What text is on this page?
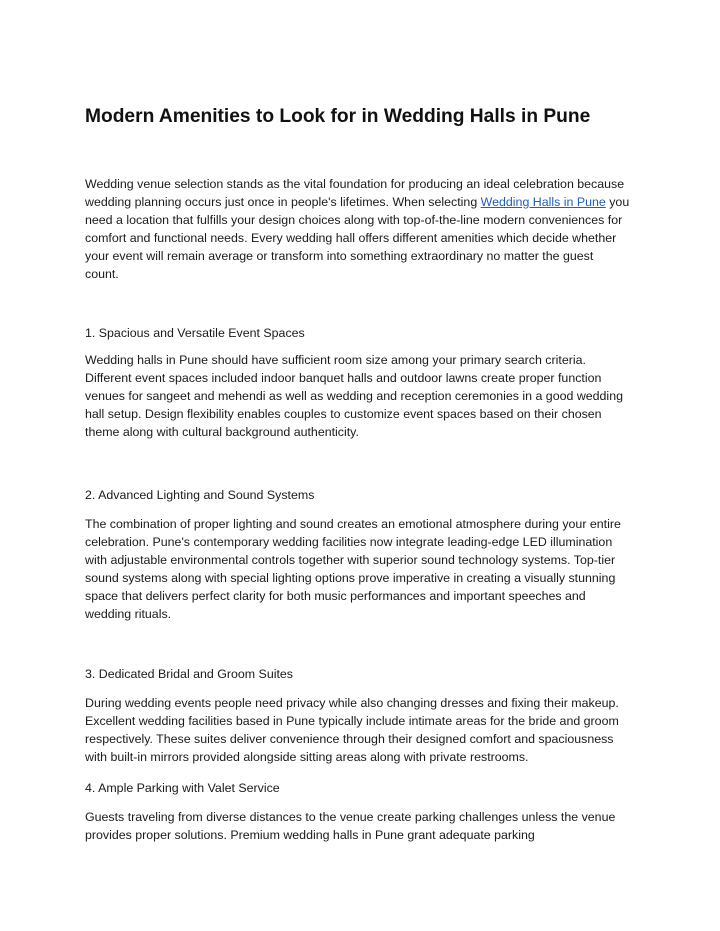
Modern Amenities to Look for in Wedding Halls in Pune

Wedding venue selection stands as the vital foundation for producing an ideal celebration because wedding planning occurs just once in people's lifetimes. When selecting Wedding Halls in Pune you need a location that fulfills your design choices along with top-of-the-line modern conveniences for comfort and functional needs. Every wedding hall offers different amenities which decide whether your event will remain average or transform into something extraordinary no matter the guest count.

1. Spacious and Versatile Event Spaces

Wedding halls in Pune should have sufficient room size among your primary search criteria. Different event spaces included indoor banquet halls and outdoor lawns create proper function venues for sangeet and mehendi as well as wedding and reception ceremonies in a good wedding hall setup. Design flexibility enables couples to customize event spaces based on their chosen theme along with cultural background authenticity.

2. Advanced Lighting and Sound Systems

The combination of proper lighting and sound creates an emotional atmosphere during your entire celebration. Pune's contemporary wedding facilities now integrate leading-edge LED illumination with adjustable environmental controls together with superior sound technology systems. Top-tier sound systems along with special lighting options prove imperative in creating a visually stunning space that delivers perfect clarity for both music performances and important speeches and wedding rituals.

3. Dedicated Bridal and Groom Suites

During wedding events people need privacy while also changing dresses and fixing their makeup. Excellent wedding facilities based in Pune typically include intimate areas for the bride and groom respectively. These suites deliver convenience through their designed comfort and spaciousness with built-in mirrors provided alongside sitting areas along with private restrooms.

4. Ample Parking with Valet Service

Guests traveling from diverse distances to the venue create parking challenges unless the venue provides proper solutions. Premium wedding halls in Pune grant adequate parking
